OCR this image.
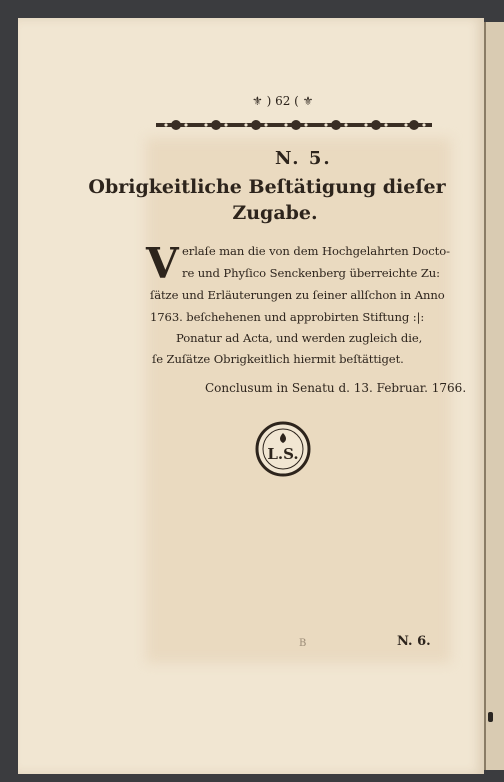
⚜ ) 62 ( ⚜
N. 5.
Obrigkeitliche Beſtätigung dieſer
Zugabe.
V erlaſe man die von dem Hochgelahrten Docto-
re und Phyſico Senckenberg überreichte Zu:
ſätze und Erläuterungen zu ſeiner allſchon in Anno
1763. beſchehenen und approbirten Stiftung :|:
Ponatur ad Acta, und werden zugleich die,
ſe Zuſätze Obrigkeitlich hiermit beſtättiget.
Conclusum in Senatu d. 13. Februar. 1766.
L.S.
B	N. 6.
